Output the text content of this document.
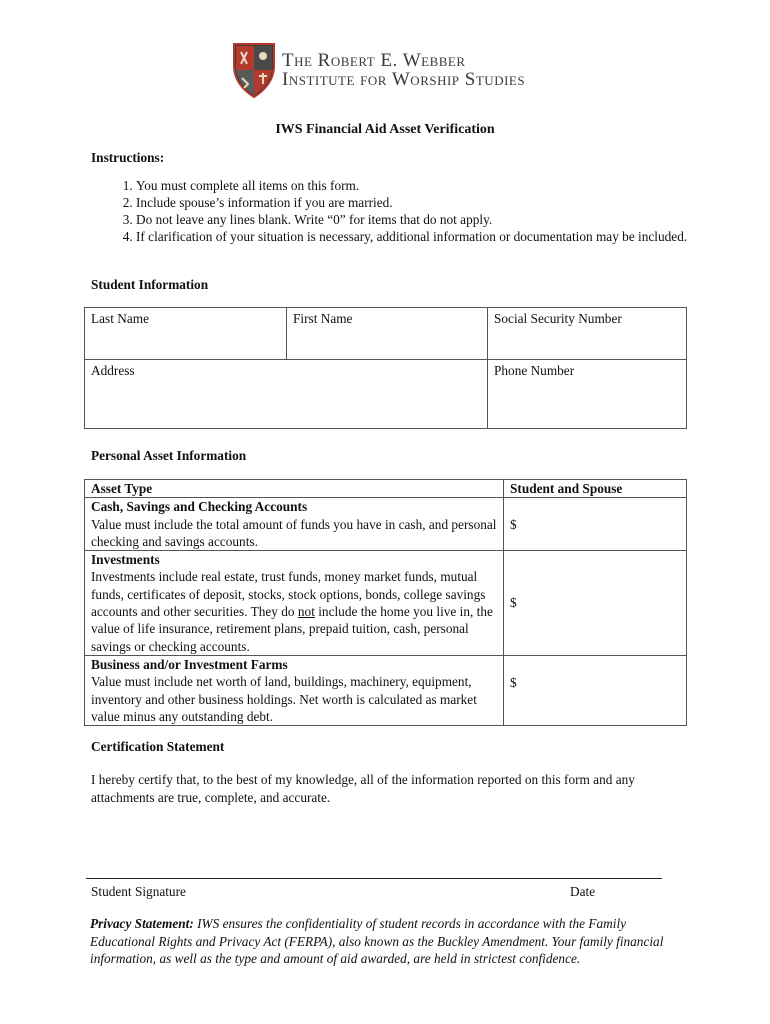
The Robert E. Webber
Institute for Worship Studies
IWS Financial Aid Asset Verification
Instructions:
1. You must complete all items on this form.
2. Include spouse’s information if you are married.
3. Do not leave any lines blank. Write “0” for items that do not apply.
4. If clarification of your situation is necessary, additional information or documentation may be included.
Student Information
Last Name	First Name	Social Security Number
Address		Phone Number
Personal Asset Information
Asset Type	Student and Spouse

Cash, Savings and Checking Accounts
Value must include the total amount of funds you have in cash, and personal checking and savings accounts.	$

Investments
Investments include real estate, trust funds, money market funds, mutual funds, certificates of deposit, stocks, stock options, bonds, college savings accounts and other securities. They do not include the home you live in, the value of life insurance, retirement plans, prepaid tuition, cash, personal savings or checking accounts.	$

Business and/or Investment Farms
Value must include net worth of land, buildings, machinery, equipment, inventory and other business holdings. Net worth is calculated as market value minus any outstanding debt.	$
Certification Statement
I hereby certify that, to the best of my knowledge, all of the information reported on this form and any attachments are true, complete, and accurate.
Student Signature	Date
Privacy Statement: IWS ensures the confidentiality of student records in accordance with the Family Educational Rights and Privacy Act (FERPA), also known as the Buckley Amendment. Your family financial information, as well as the type and amount of aid awarded, are held in strictest confidence.
